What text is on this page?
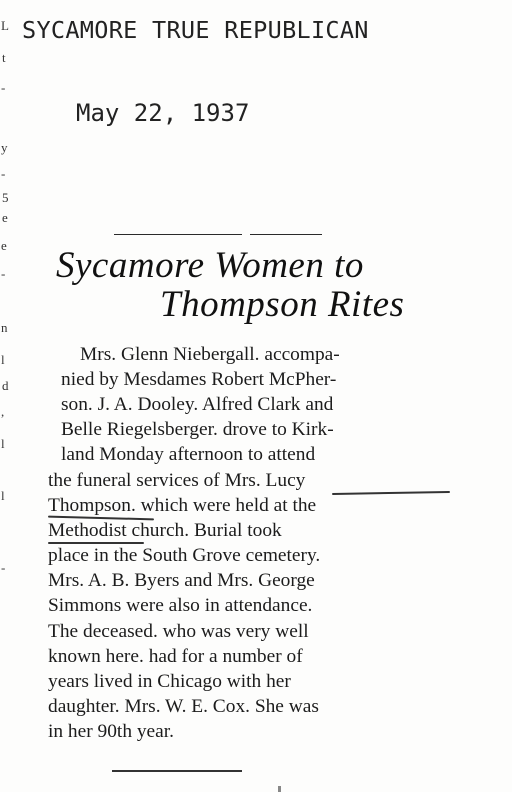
L
t
-
y
-
5
e
e
-
n
l
d
,
l
l
-
SYCAMORE TRUE REPUBLICAN
May 22, 1937
Sycamore Women to
Thompson Rites
Mrs. Glenn Niebergall. accompa-
nied by Mesdames Robert McPher-
son. J. A. Dooley. Alfred Clark and
Belle Riegelsberger. drove to Kirk-
land Monday afternoon to attend
the funeral services of Mrs. Lucy
Thompson. which were held at the
Methodist church. Burial took
place in the South Grove cemetery.
Mrs. A. B. Byers and Mrs. George
Simmons were also in attendance.
The deceased. who was very well
known here. had for a number of
years lived in Chicago with her
daughter. Mrs. W. E. Cox. She was
in her 90th year.
